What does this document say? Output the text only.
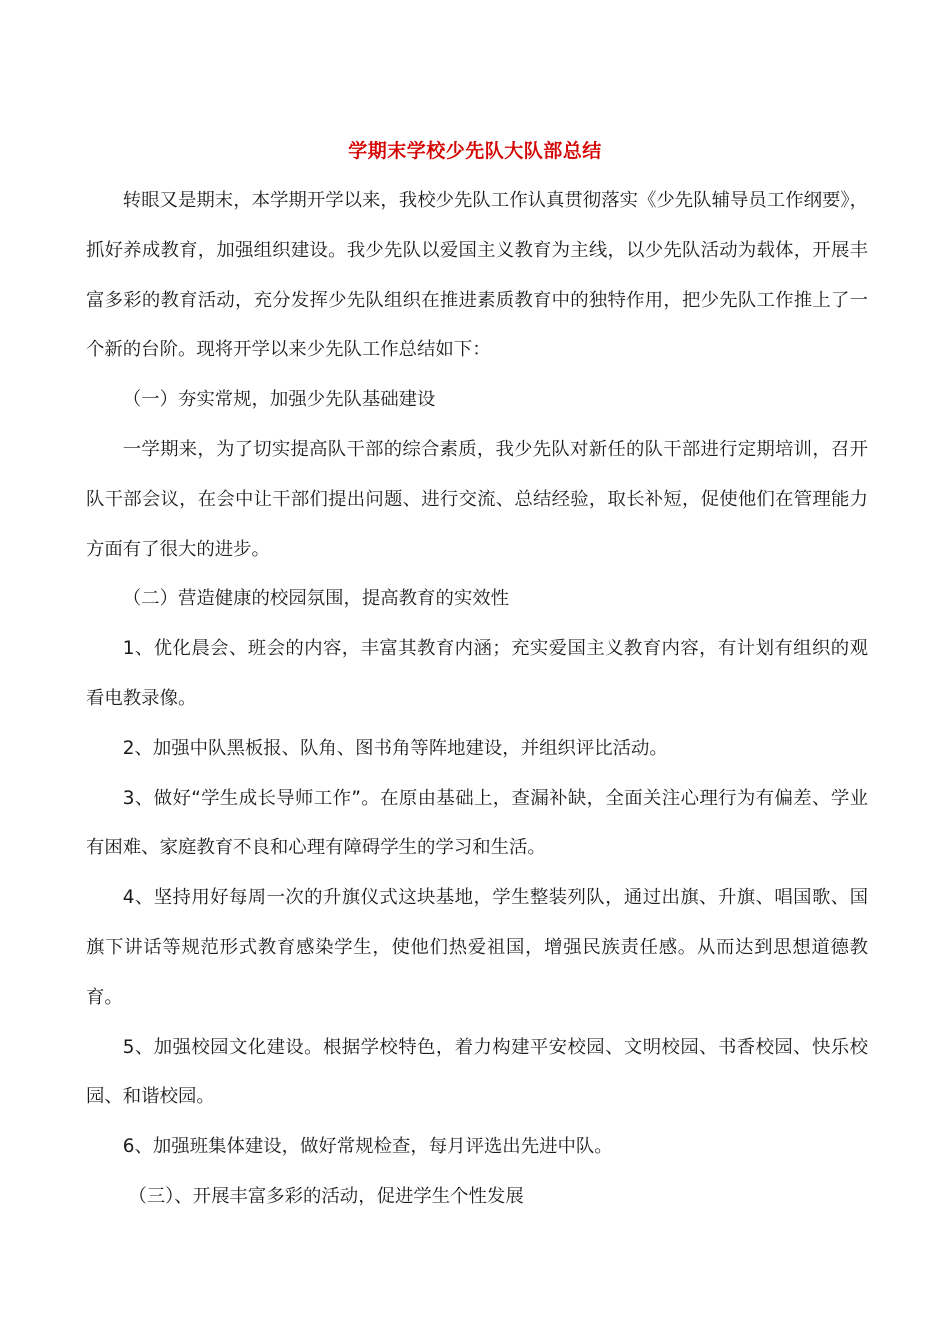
学期末学校少先队大队部总结

转眼又是期末，本学期开学以来，我校少先队工作认真贯彻落实《少先队辅导员工作纲要》，抓好养成教育，加强组织建设。我少先队以爱国主义教育为主线，以少先队活动为载体，开展丰富多彩的教育活动，充分发挥少先队组织在推进素质教育中的独特作用，把少先队工作推上了一个新的台阶。现将开学以来少先队工作总结如下：

（一）夯实常规，加强少先队基础建设

一学期来，为了切实提高队干部的综合素质，我少先队对新任的队干部进行定期培训，召开队干部会议，在会中让干部们提出问题、进行交流、总结经验，取长补短，促使他们在管理能力方面有了很大的进步。

（二）营造健康的校园氛围，提高教育的实效性

1、优化晨会、班会的内容，丰富其教育内涵；充实爱国主义教育内容，有计划有组织的观看电教录像。

2、加强中队黑板报、队角、图书角等阵地建设，并组织评比活动。

3、做好“学生成长导师工作”。在原由基础上，查漏补缺，全面关注心理行为有偏差、学业有困难、家庭教育不良和心理有障碍学生的学习和生活。

4、坚持用好每周一次的升旗仪式这块基地，学生整装列队，通过出旗、升旗、唱国歌、国旗下讲话等规范形式教育感染学生，使他们热爱祖国，增强民族责任感。从而达到思想道德教育。

5、加强校园文化建设。根据学校特色，着力构建平安校园、文明校园、书香校园、快乐校园、和谐校园。

6、加强班集体建设，做好常规检查，每月评选出先进中队。

（三）、开展丰富多彩的活动，促进学生个性发展
